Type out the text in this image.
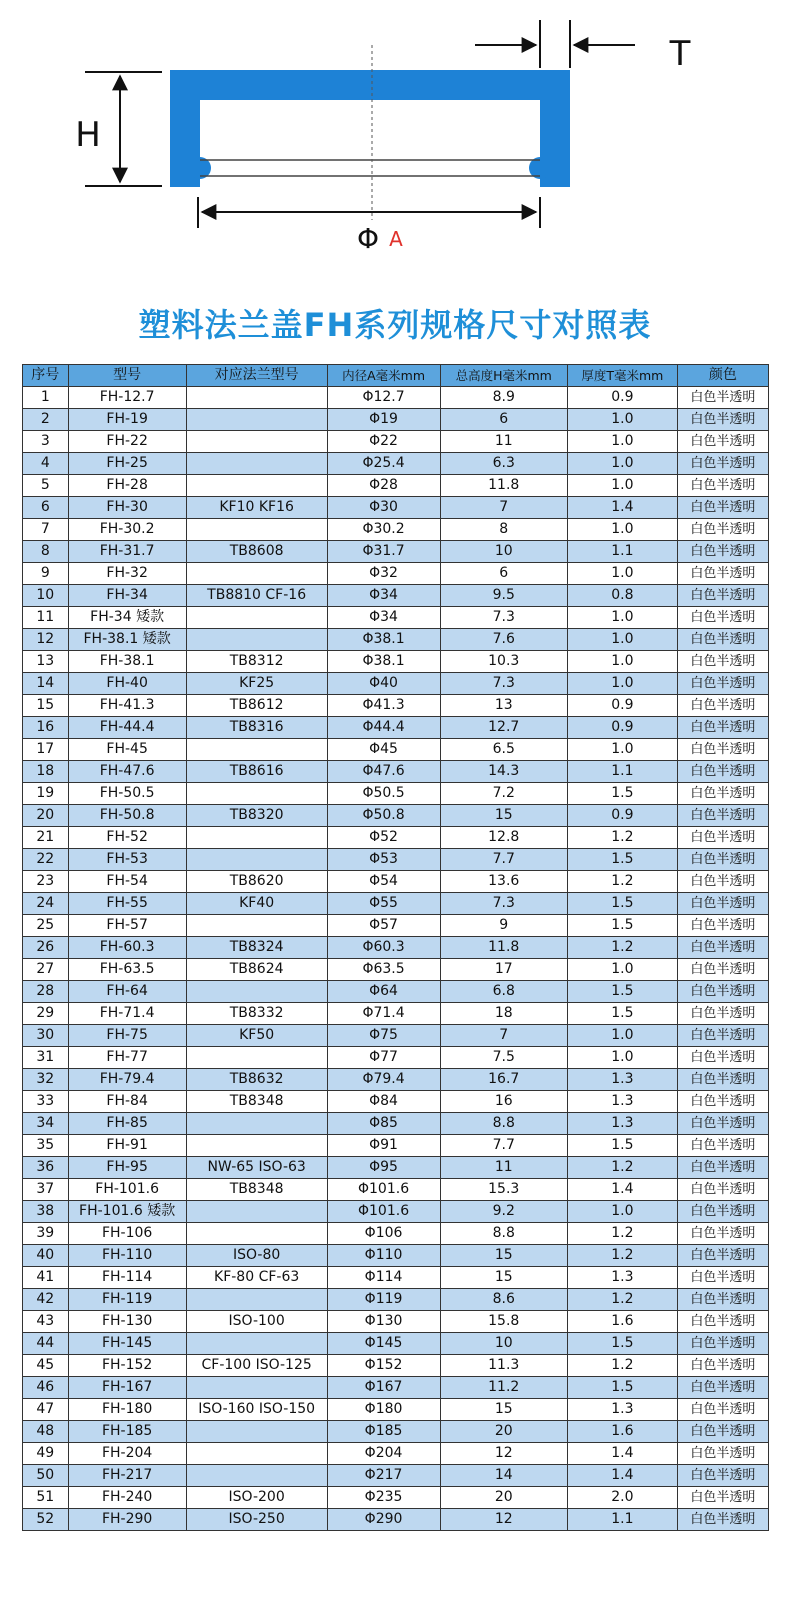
H
T
Φ A
塑料法兰盖FH系列规格尺寸对照表
序号	型号	对应法兰型号	内径A毫米mm	总高度H毫米mm	厚度T毫米mm	颜色
1	FH-12.7		Φ12.7	8.9	0.9	白色半透明
2	FH-19		Φ19	6	1.0	白色半透明
3	FH-22		Φ22	11	1.0	白色半透明
4	FH-25		Φ25.4	6.3	1.0	白色半透明
5	FH-28		Φ28	11.8	1.0	白色半透明
6	FH-30	KF10 KF16	Φ30	7	1.4	白色半透明
7	FH-30.2		Φ30.2	8	1.0	白色半透明
8	FH-31.7	TB8608	Φ31.7	10	1.1	白色半透明
9	FH-32		Φ32	6	1.0	白色半透明
10	FH-34	TB8810 CF-16	Φ34	9.5	0.8	白色半透明
11	FH-34 矮款		Φ34	7.3	1.0	白色半透明
12	FH-38.1 矮款		Φ38.1	7.6	1.0	白色半透明
13	FH-38.1	TB8312	Φ38.1	10.3	1.0	白色半透明
14	FH-40	KF25	Φ40	7.3	1.0	白色半透明
15	FH-41.3	TB8612	Φ41.3	13	0.9	白色半透明
16	FH-44.4	TB8316	Φ44.4	12.7	0.9	白色半透明
17	FH-45		Φ45	6.5	1.0	白色半透明
18	FH-47.6	TB8616	Φ47.6	14.3	1.1	白色半透明
19	FH-50.5		Φ50.5	7.2	1.5	白色半透明
20	FH-50.8	TB8320	Φ50.8	15	0.9	白色半透明
21	FH-52		Φ52	12.8	1.2	白色半透明
22	FH-53		Φ53	7.7	1.5	白色半透明
23	FH-54	TB8620	Φ54	13.6	1.2	白色半透明
24	FH-55	KF40	Φ55	7.3	1.5	白色半透明
25	FH-57		Φ57	9	1.5	白色半透明
26	FH-60.3	TB8324	Φ60.3	11.8	1.2	白色半透明
27	FH-63.5	TB8624	Φ63.5	17	1.0	白色半透明
28	FH-64		Φ64	6.8	1.5	白色半透明
29	FH-71.4	TB8332	Φ71.4	18	1.5	白色半透明
30	FH-75	KF50	Φ75	7	1.0	白色半透明
31	FH-77		Φ77	7.5	1.0	白色半透明
32	FH-79.4	TB8632	Φ79.4	16.7	1.3	白色半透明
33	FH-84	TB8348	Φ84	16	1.3	白色半透明
34	FH-85		Φ85	8.8	1.3	白色半透明
35	FH-91		Φ91	7.7	1.5	白色半透明
36	FH-95	NW-65 ISO-63	Φ95	11	1.2	白色半透明
37	FH-101.6	TB8348	Φ101.6	15.3	1.4	白色半透明
38	FH-101.6 矮款		Φ101.6	9.2	1.0	白色半透明
39	FH-106		Φ106	8.8	1.2	白色半透明
40	FH-110	ISO-80	Φ110	15	1.2	白色半透明
41	FH-114	KF-80 CF-63	Φ114	15	1.3	白色半透明
42	FH-119		Φ119	8.6	1.2	白色半透明
43	FH-130	ISO-100	Φ130	15.8	1.6	白色半透明
44	FH-145		Φ145	10	1.5	白色半透明
45	FH-152	CF-100 ISO-125	Φ152	11.3	1.2	白色半透明
46	FH-167		Φ167	11.2	1.5	白色半透明
47	FH-180	ISO-160 ISO-150	Φ180	15	1.3	白色半透明
48	FH-185		Φ185	20	1.6	白色半透明
49	FH-204		Φ204	12	1.4	白色半透明
50	FH-217		Φ217	14	1.4	白色半透明
51	FH-240	ISO-200	Φ235	20	2.0	白色半透明
52	FH-290	ISO-250	Φ290	12	1.1	白色半透明
